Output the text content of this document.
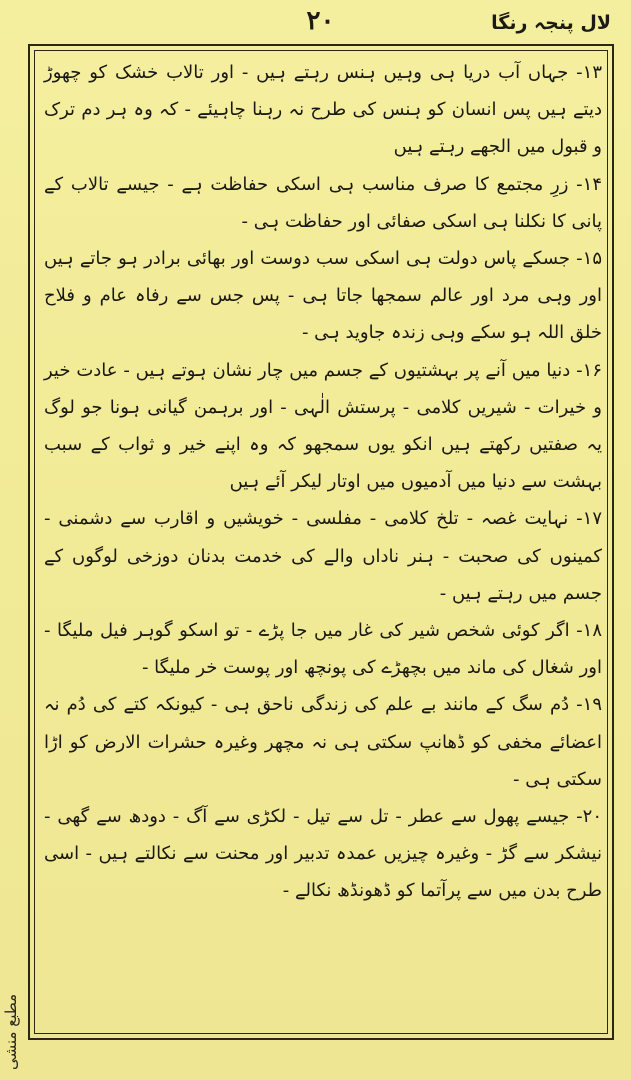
لال پنجہ رنگا
۲۰

۱۳- جہاں آب دریا ہی وہیں ہنس رہتے ہیں - اور تالاب خشک کو چھوڑ دیتے ہیں پس انسان کو ہنس کی طرح نہ رہنا چاہیئے - کہ وہ ہر دم ترک و قبول میں الجھے رہتے ہیں

۱۴- زرِ مجتمع کا صرف مناسب ہی اسکی حفاظت ہے - جیسے تالاب کے پانی کا نکلنا ہی اسکی صفائی اور حفاظت ہی -

۱۵- جسکے پاس دولت ہی اسکی سب دوست اور بھائی برادر ہو جاتے ہیں اور وہی مرد اور عالم سمجھا جاتا ہی - پس جس سے رفاہ عام و فلاح خلق اللہ ہو سکے وہی زندہ جاوید ہی -

۱۶- دنیا میں آنے پر بہشتیوں کے جسم میں چار نشان ہوتے ہیں - عادت خیر و خیرات - شیریں کلامی - پرستش الٰہی - اور برہمن گیانی ہونا جو لوگ یہ صفتیں رکھتے ہیں انکو یوں سمجھو کہ وہ اپنے خیر و ثواب کے سبب بہشت سے دنیا میں آدمیوں میں اوتار لیکر آئے ہیں

۱۷- نہایت غصہ - تلخ کلامی - مفلسی - خویشیں و اقارب سے دشمنی - کمینوں کی صحبت - ہنر ناداں والے کی خدمت بدنان دوزخی لوگوں کے جسم میں رہتے ہیں -

۱۸- اگر کوئی شخص شیر کی غار میں جا پڑے - تو اسکو گوہر فیل ملیگا - اور شغال کی ماند میں بچھڑے کی پونچھ اور پوست خر ملیگا -

۱۹- دُم سگ کے مانند بے علم کی زندگی ناحق ہی - کیونکہ کتے کی دُم نہ اعضائے مخفی کو ڈھانپ سکتی ہی نہ مچھر وغیرہ حشرات الارض کو اڑا سکتی ہی -

۲۰- جیسے پھول سے عطر - تل سے تیل - لکڑی سے آگ - دودھ سے گھی - نیشکر سے گڑ - وغیرہ چیزیں عمدہ تدبیر اور محنت سے نکالتے ہیں - اسی طرح بدن میں سے پرآتما کو ڈھونڈھ نکالے -

مطبع منشی
